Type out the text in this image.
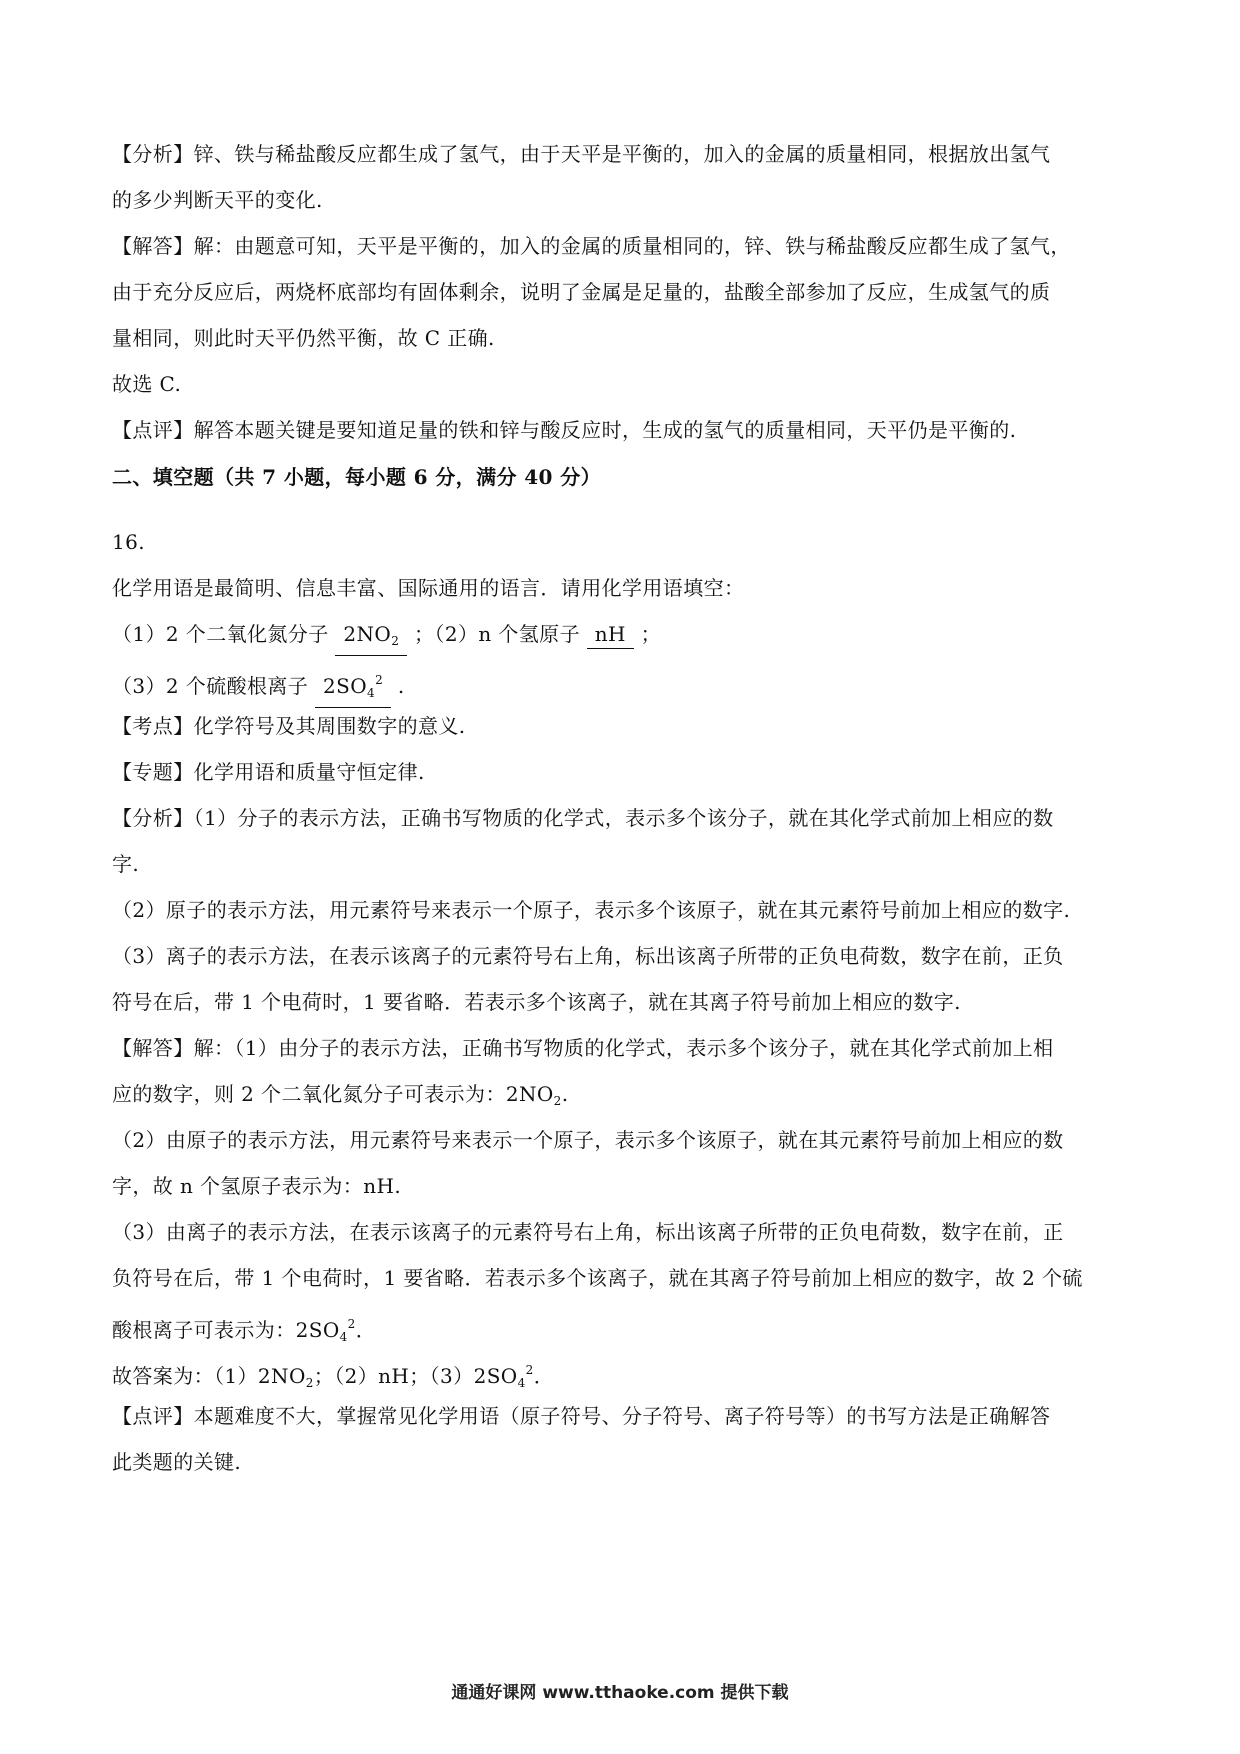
【分析】锌、铁与稀盐酸反应都生成了氢气，由于天平是平衡的，加入的金属的质量相同，根据放出氢气
的多少判断天平的变化.
【解答】解：由题意可知，天平是平衡的，加入的金属的质量相同的，锌、铁与稀盐酸反应都生成了氢气，
由于充分反应后，两烧杯底部均有固体剩余，说明了金属是足量的，盐酸全部参加了反应，生成氢气的质
量相同，则此时天平仍然平衡，故 C 正确.
故选 C.
【点评】解答本题关键是要知道足量的铁和锌与酸反应时，生成的氢气的质量相同，天平仍是平衡的.
二、填空题（共 7 小题，每小题 6 分，满分 40 分）
16.
化学用语是最简明、信息丰富、国际通用的语言．请用化学用语填空：
（1）2 个二氧化氮分子 $2NO_2$ ；（2）n 个氢原子 nH ；
（3）2 个硫酸根离子 $2SO_4^2$ .
【考点】化学符号及其周围数字的意义.
【专题】化学用语和质量守恒定律.
【分析】（1）分子的表示方法，正确书写物质的化学式，表示多个该分子，就在其化学式前加上相应的数
字.
（2）原子的表示方法，用元素符号来表示一个原子，表示多个该原子，就在其元素符号前加上相应的数字.
（3）离子的表示方法，在表示该离子的元素符号右上角，标出该离子所带的正负电荷数，数字在前，正负
符号在后，带 1 个电荷时，1 要省略．若表示多个该离子，就在其离子符号前加上相应的数字.
【解答】解：（1）由分子的表示方法，正确书写物质的化学式，表示多个该分子，就在其化学式前加上相
应的数字，则 2 个二氧化氮分子可表示为：$2NO_2$.
（2）由原子的表示方法，用元素符号来表示一个原子，表示多个该原子，就在其元素符号前加上相应的数
字，故 n 个氢原子表示为：nH.
（3）由离子的表示方法，在表示该离子的元素符号右上角，标出该离子所带的正负电荷数，数字在前，正
负符号在后，带 1 个电荷时，1 要省略．若表示多个该离子，就在其离子符号前加上相应的数字，故 2 个硫
酸根离子可表示为：$2SO_4^2$．
故答案为：$(1)2NO_2$；（2）nH；$(3)2SO_4^2$．
【点评】本题难度不大，掌握常见化学用语（原子符号、分子符号、离子符号等）的书写方法是正确解答
此类题的关键.
通通好课网 www.tthaoke.com 提供下载
